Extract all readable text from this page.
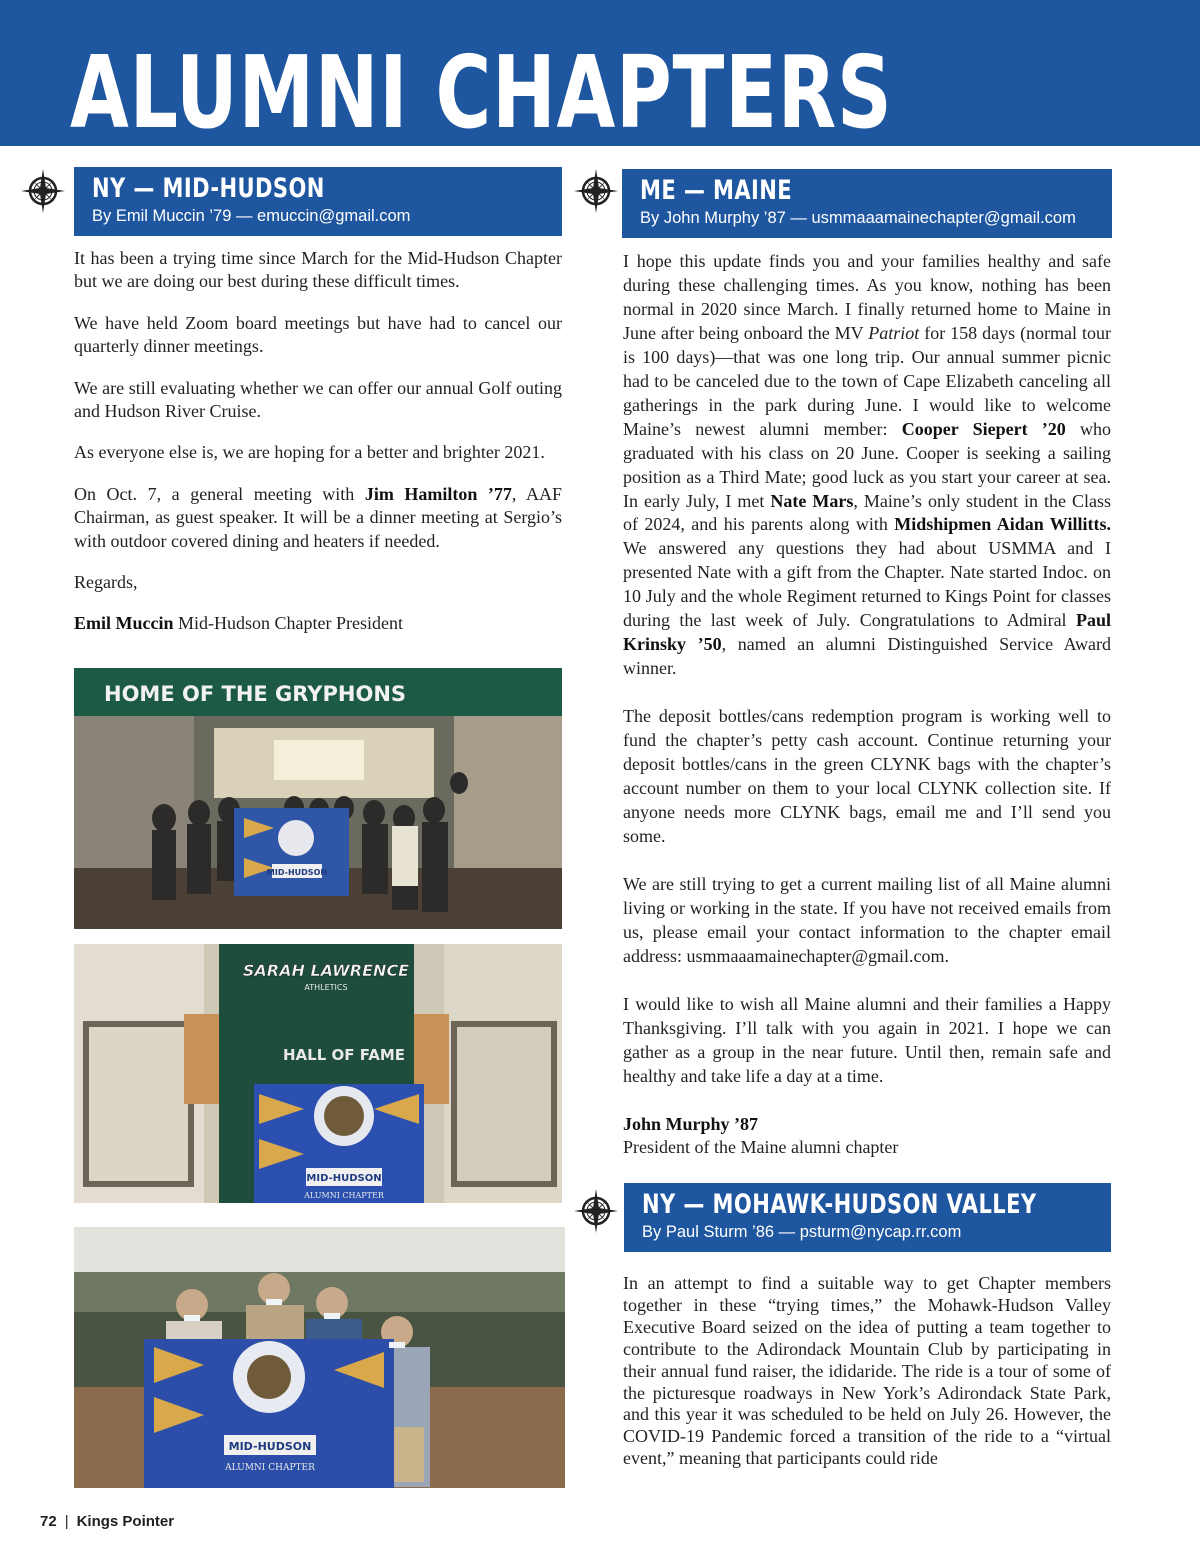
ALUMNI CHAPTERS
NY — MID-HUDSON
By Emil Muccin ’79 — emuccin@gmail.com

It has been a trying time since March for the Mid-Hudson Chapter but we are doing our best during these difficult times.

We have held Zoom board meetings but have had to cancel our quarterly dinner meetings.

We are still evaluating whether we can offer our annual Golf outing and Hudson River Cruise.

As everyone else is, we are hoping for a better and brighter 2021.

On Oct. 7, a general meeting with Jim Hamilton ’77, AAF Chairman, as guest speaker. It will be a dinner meeting at Sergio’s with outdoor covered dining and heaters if needed.

Regards,

Emil Muccin Mid-Hudson Chapter President

HOME OF THE GRYPHONS
MID-HUDSON
SARAH LAWRENCE
ATHLETICS
HALL OF FAME
MID-HUDSON
ALUMNI CHAPTER
MID-HUDSON
ALUMNI CHAPTER
ME — MAINE
By John Murphy ’87 — usmmaaamainechapter@gmail.com

I hope this update finds you and your families healthy and safe during these challenging times. As you know, nothing has been normal in 2020 since March. I finally returned home to Maine in June after being onboard the MV Patriot for 158 days (normal tour is 100 days)—that was one long trip. Our annual summer picnic had to be canceled due to the town of Cape Elizabeth canceling all gatherings in the park during June. I would like to welcome Maine’s newest alumni member: Cooper Siepert ’20 who graduated with his class on 20 June. Cooper is seeking a sailing position as a Third Mate; good luck as you start your career at sea. In early July, I met Nate Mars, Maine’s only student in the Class of 2024, and his parents along with Midshipmen Aidan Willitts. We answered any questions they had about USMMA and I presented Nate with a gift from the Chapter. Nate started Indoc. on 10 July and the whole Regiment returned to Kings Point for classes during the last week of July. Congratulations to Admiral Paul Krinsky ’50, named an alumni Distinguished Service Award winner.

The deposit bottles/cans redemption program is working well to fund the chapter’s petty cash account. Continue returning your deposit bottles/cans in the green CLYNK bags with the chapter’s account number on them to your local CLYNK collection site. If anyone needs more CLYNK bags, email me and I’ll send you some.

We are still trying to get a current mailing list of all Maine alumni living or working in the state. If you have not received emails from us, please email your contact information to the chapter email address: usmmaaamainechapter@gmail.com.

I would like to wish all Maine alumni and their families a Happy Thanksgiving. I’ll talk with you again in 2021. I hope we can gather as a group in the near future. Until then, remain safe and healthy and take life a day at a time.

John Murphy ’87

President of the Maine alumni chapter

NY — MOHAWK-HUDSON VALLEY
By Paul Sturm ’86 — psturm@nycap.rr.com

In an attempt to find a suitable way to get Chapter members together in these “trying times,” the Mohawk-Hudson Valley Executive Board seized on the idea of putting a team together to contribute to the Adirondack Mountain Club by participating in their annual fund raiser, the ididaride. The ride is a tour of some of the picturesque roadways in New York’s Adirondack State Park, and this year it was scheduled to be held on July 26. However, the COVID-19 Pandemic forced a transition of the ride to a “virtual event,” meaning that participants could ride

72 | Kings Pointer
